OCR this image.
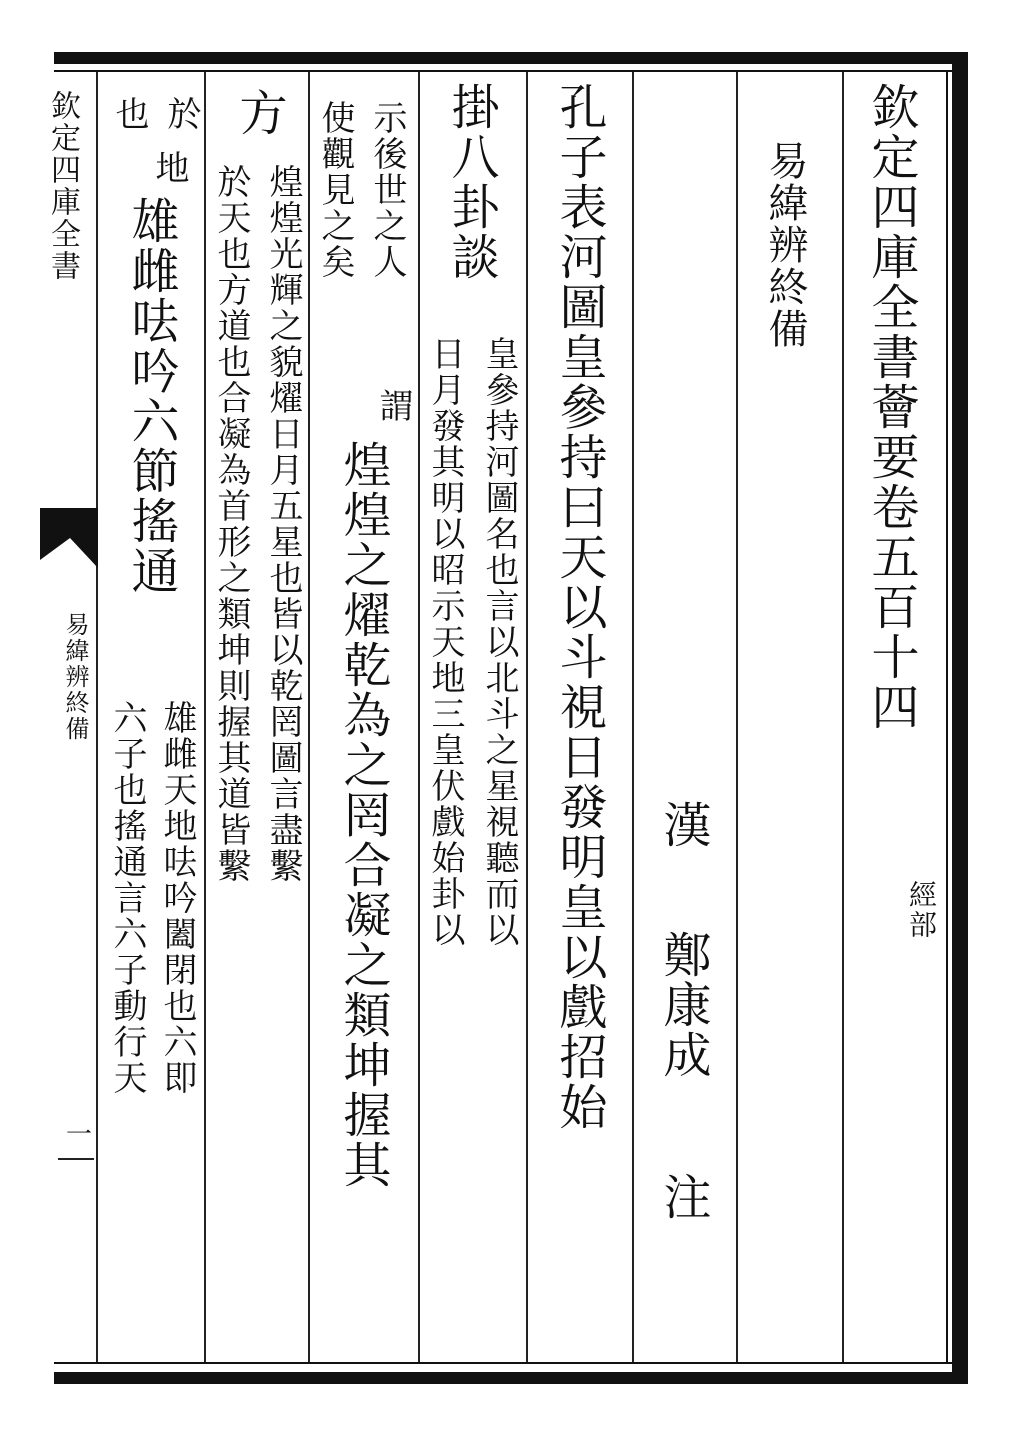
欽定四庫全書
易緯辨終備
一
欽定四庫全書薈要卷五百十四
經部
易緯辨終備
漢
鄭康成
注
孔子表河圖皇參持曰天以斗視日發明皇以戲招始
掛八卦談
皇參持河圖名也言以北斗之星視聽而以
日月發其明以昭示天地三皇伏戲始卦以
示後世之人
使觀見之矣
謂
煌煌之燿乾為之罔合凝之類坤握其
方
煌煌光輝之貌燿日月五星也皆以乾罔圖言盡繫
於天也方道也合凝為首形之類坤則握其道皆繫
於
也
地
雄雌呿吟六節搖通
雄雌天地呿吟闔閉也六即
六子也搖通言六子動行天
